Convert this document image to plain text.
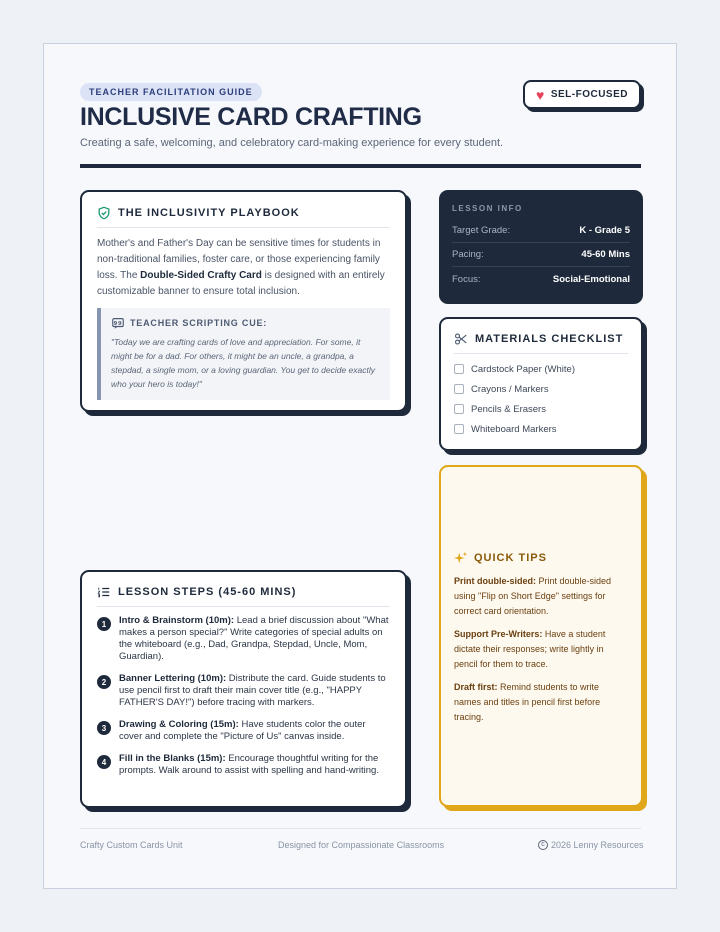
TEACHER FACILITATION GUIDE
INCLUSIVE CARD CRAFTING
Creating a safe, welcoming, and celebratory card-making experience for every student.
♥ SEL-FOCUSED
THE INCLUSIVITY PLAYBOOK

Mother's and Father's Day can be sensitive times for students in non-traditional families, foster care, or those experiencing family loss. The Double-Sided Crafty Card is designed with an entirely customizable banner to ensure total inclusion.

99 TEACHER SCRIPTING CUE:

"Today we are crafting cards of love and appreciation. For some, it might be for a dad. For others, it might be an uncle, a grandpa, a stepdad, a single mom, or a loving guardian. You get to decide exactly who your hero is today!"

LESSON INFO
Target Grade:	K - Grade 5
Pacing:	45-60 Mins
Focus:	Social-Emotional
MATERIALS CHECKLIST
Cardstock Paper (White)
Crayons / Markers
Pencils & Erasers
Whiteboard Markers
QUICK TIPS

Print double-sided: Print double-sided using "Flip on Short Edge" settings for correct card orientation.

Support Pre-Writers: Have a student dictate their responses; write lightly in pencil for them to trace.

Draft first: Remind students to write names and titles in pencil first before tracing.

LESSON STEPS (45-60 MINS)
1	Intro & Brainstorm (10m): Lead a brief discussion about "What makes a person special?" Write categories of special adults on the whiteboard (e.g., Dad, Grandpa, Stepdad, Uncle, Mom, Guardian).

2	Banner Lettering (10m): Distribute the card. Guide students to use pencil first to draft their main cover title (e.g., "HAPPY FATHER'S DAY!") before tracing with markers.

3	Drawing & Coloring (15m): Have students color the outer cover and complete the "Picture of Us" canvas inside.

4	Fill in the Blanks (15m): Encourage thoughtful writing for the prompts. Walk around to assist with spelling and hand-writing.

Crafty Custom Cards Unit	Designed for Compassionate Classrooms	c 2026 Lenny Resources
